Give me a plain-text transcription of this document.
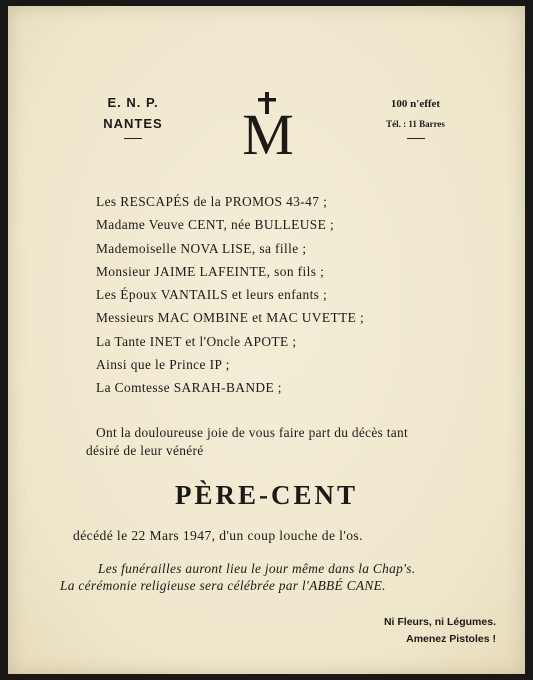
E. N. P.
NANTES	M	100 n'effet
Tél. : 11 Barres
Les RESCAPÉS de la PROMOS 43-47 ;
Madame Veuve CENT, née BULLEUSE ;
Mademoiselle NOVA LISE, sa fille ;
Monsieur JAIME LAFEINTE, son fils ;
Les Époux VANTAILS et leurs enfants ;
Messieurs MAC OMBINE et MAC UVETTE ;
La Tante INET et l'Oncle APOTE ;
Ainsi que le Prince IP ;
La Comtesse SARAH-BANDE ;
Ont la douloureuse joie de vous faire part du décès tant
désiré de leur vénéré
PÈRE-CENT
décédé le 22 Mars 1947, d'un coup louche de l'os.
Les funérailles auront lieu le jour même dans la Chap's.
La cérémonie religieuse sera célébrée par l'ABBÉ CANE.
Ni Fleurs, ni Légumes.
Amenez Pistoles !
